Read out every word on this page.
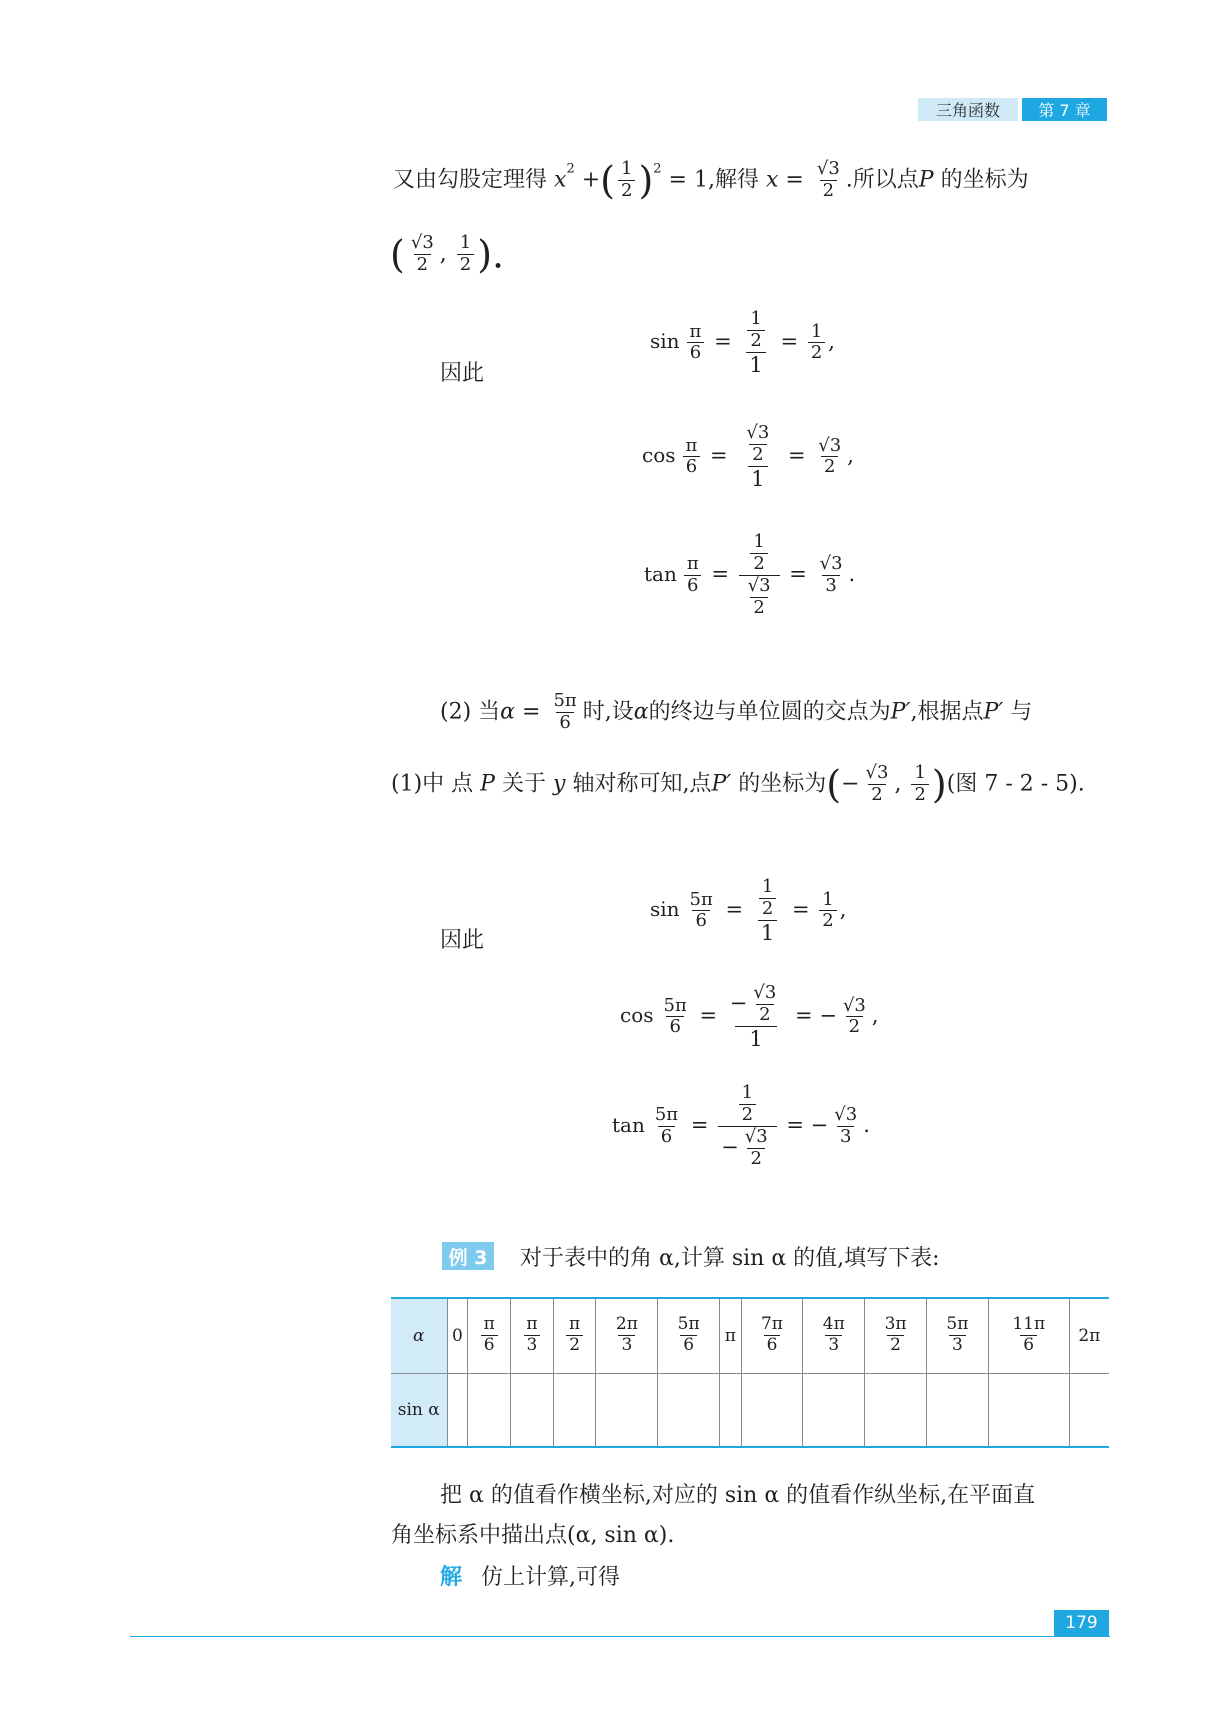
三角函数	第 7 章
又由勾股定理得 $x^2$ +( $\frac{1}{2} )^2 = 1$,解得 $x = \frac{√3}{2}$ .所以点P 的坐标为
( $\frac{√3}{2}$ , $\frac{1}{2}$ ).
因此
$\sin \frac{\pi}{6} = \frac{\frac{1}{2}}{1} = \frac{1}{2}$ ,
$\cos \frac{\pi}{6} = \frac{\frac{√3}{2}}{1} = \frac{√3}{2}$ ,
$\tan \frac{\pi}{6} = \frac{\frac{1}{2}}{\frac{√3}{2}} = \frac{√3}{3}$ .
(2) 当$\alpha = \frac{5\pi}{6}$ 时,设α的终边与单位圆的交点为P′,根据点P′ 与
(1)中 点 P 关于 y 轴对称可知,点P′ 的坐标为(− $\frac{√3}{2}$ , $\frac{1}{2}$ )(图 7 - 2 - 5).
因此
$\sin \frac{5\pi}{6} = \frac{\frac{1}{2}}{1} = \frac{1}{2}$ ,
$\cos \frac{5\pi}{6} = \frac{- \frac{√3}{2}}{1}$ = − $\frac{√3}{2}$ ,
$\tan \frac{5\pi}{6} = \frac{\frac{1}{2}}{- \frac{√3}{2}}$ = − $\frac{√3}{3}$ .
例 3 对于表中的角 α,计算 sin α 的值,填写下表:
α	0	$\frac{\pi}{6}$	$\frac{\pi}{3}$	$\frac{\pi}{2}$	$\frac{2\pi}{3}$	$\frac{5\pi}{6}$	π	$\frac{7\pi}{6}$	$\frac{4\pi}{3}$	$\frac{3\pi}{2}$	$\frac{5\pi}{3}$	$\frac{11\pi}{6}$	2π
sin α													
把 α 的值看作横坐标,对应的 sin α 的值看作纵坐标,在平面直
角坐标系中描出点(α, sin α).
解 仿上计算,可得
179
